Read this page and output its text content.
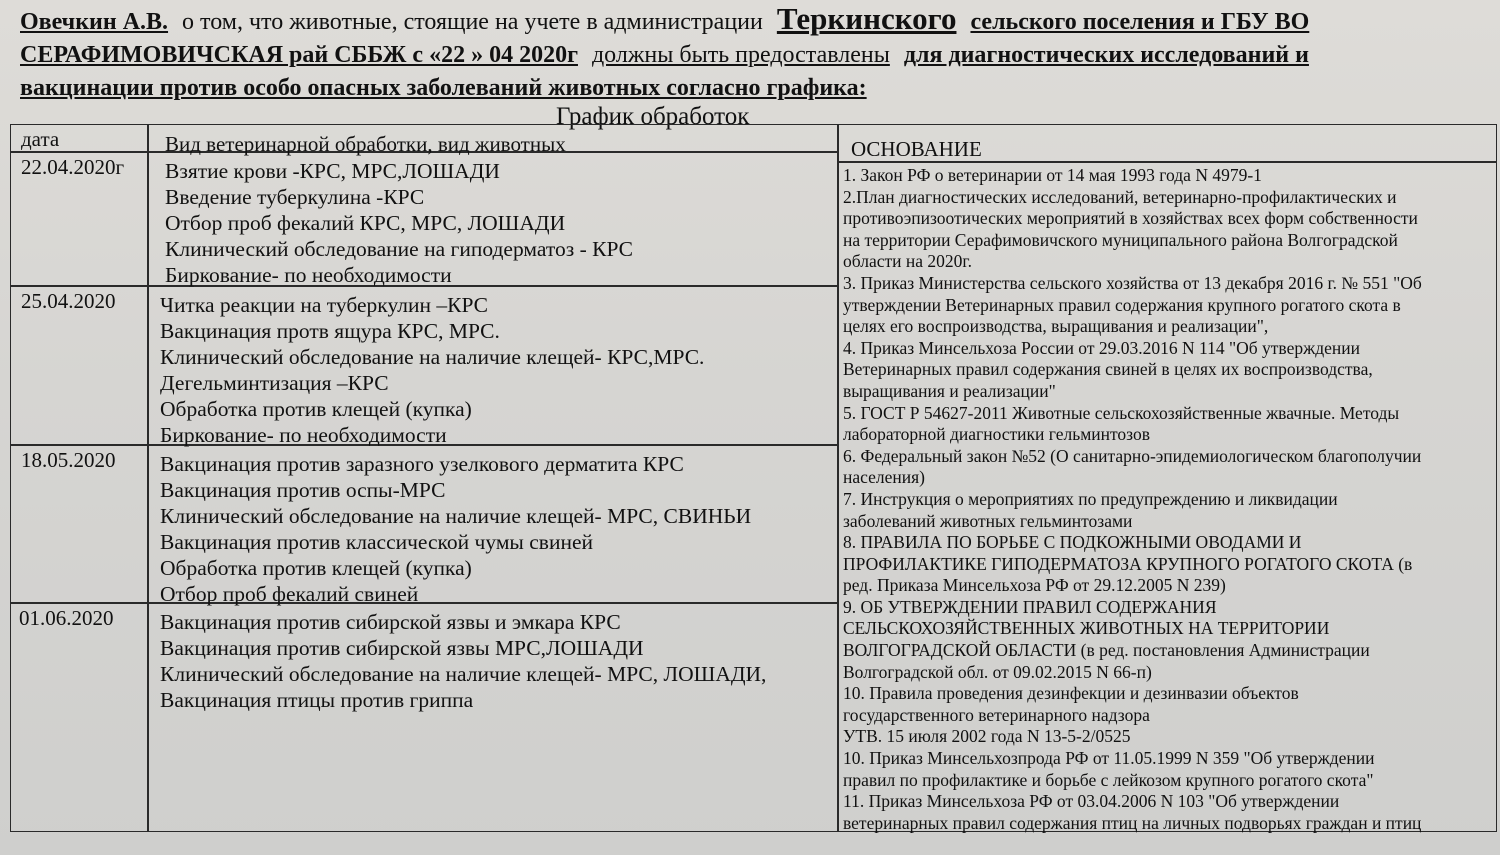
Овечкин А.В. о том, что животные, стоящие на учете в администрации Теркинского сельского поселения и ГБУ ВО
СЕРАФИМОВИЧСКАЯ рай СББЖ с «22 » 04 2020г должны быть предоставлены для диагностических исследований и
вакцинации против особо опасных заболеваний животных согласно графика:
График обработок
дата	Вид ветеринарной обработки, вид животных	ОСНОВАНИЕ
22.04.2020г Взятие крови -КРС, МРС,ЛОШАДИ
Введение туберкулина -КРС
Отбор проб фекалий КРС, МРС, ЛОШАДИ
Клинический обследование на гиподерматоз - КРС
Биркование- по необходимости
25.04.2020 Читка реакции на туберкулин –КРС
Вакцинация протв ящура КРС, МРС.
Клинический обследование на наличие клещей- КРС,МРС.
Дегельминтизация –КРС
Обработка против клещей (купка)
Биркование- по необходимости
18.05.2020 Вакцинация против заразного узелкового дерматита КРС
Вакцинация против оспы-МРС
Клинический обследование на наличие клещей- МРС, СВИНЬИ
Вакцинация против классической чумы свиней
Обработка против клещей (купка)
Отбор проб фекалий свиней
01.06.2020 Вакцинация против сибирской язвы и эмкара КРС
Вакцинация против сибирской язвы МРС,ЛОШАДИ
Клинический обследование на наличие клещей- МРС, ЛОШАДИ,
Вакцинация птицы против гриппа
1. Закон РФ о ветеринарии от 14 мая 1993 года N 4979-1
2.План диагностических исследований, ветеринарно-профилактических и
противоэпизоотических мероприятий в хозяйствах всех форм собственности
на территории Серафимовичского муниципального района Волгоградской
области на 2020г.
3. Приказ Министерства сельского хозяйства от 13 декабря 2016 г. № 551 "Об
утверждении Ветеринарных правил содержания крупного рогатого скота в
целях его воспроизводства, выращивания и реализации",
4. Приказ Минсельхоза России от 29.03.2016 N 114 "Об утверждении
Ветеринарных правил содержания свиней в целях их воспроизводства,
выращивания и реализации"
5. ГОСТ Р 54627-2011 Животные сельскохозяйственные жвачные. Методы
лабораторной диагностики гельминтозов
6. Федеральный закон №52 (О санитарно-эпидемиологическом благополучии
населения)
7. Инструкция о мероприятиях по предупреждению и ликвидации
заболеваний животных гельминтозами
8. ПРАВИЛА ПО БОРЬБЕ С ПОДКОЖНЫМИ ОВОДАМИ И
ПРОФИЛАКТИКЕ ГИПОДЕРМАТОЗА КРУПНОГО РОГАТОГО СКОТА (в
ред. Приказа Минсельхоза РФ от 29.12.2005 N 239)
9. ОБ УТВЕРЖДЕНИИ ПРАВИЛ СОДЕРЖАНИЯ
СЕЛЬСКОХОЗЯЙСТВЕННЫХ ЖИВОТНЫХ НА ТЕРРИТОРИИ
ВОЛГОГРАДСКОЙ ОБЛАСТИ (в ред. постановления Администрации
Волгоградской обл. от 09.02.2015 N 66-п)
10. Правила проведения дезинфекции и дезинвазии объектов
государственного ветеринарного надзора
УТВ. 15 июля 2002 года N 13-5-2/0525
10. Приказ Минсельхозпрода РФ от 11.05.1999 N 359 "Об утверждении
правил по профилактике и борьбе с лейкозом крупного рогатого скота"
11. Приказ Минсельхоза РФ от 03.04.2006 N 103 "Об утверждении
ветеринарных правил содержания птиц на личных подворьях граждан и птиц
